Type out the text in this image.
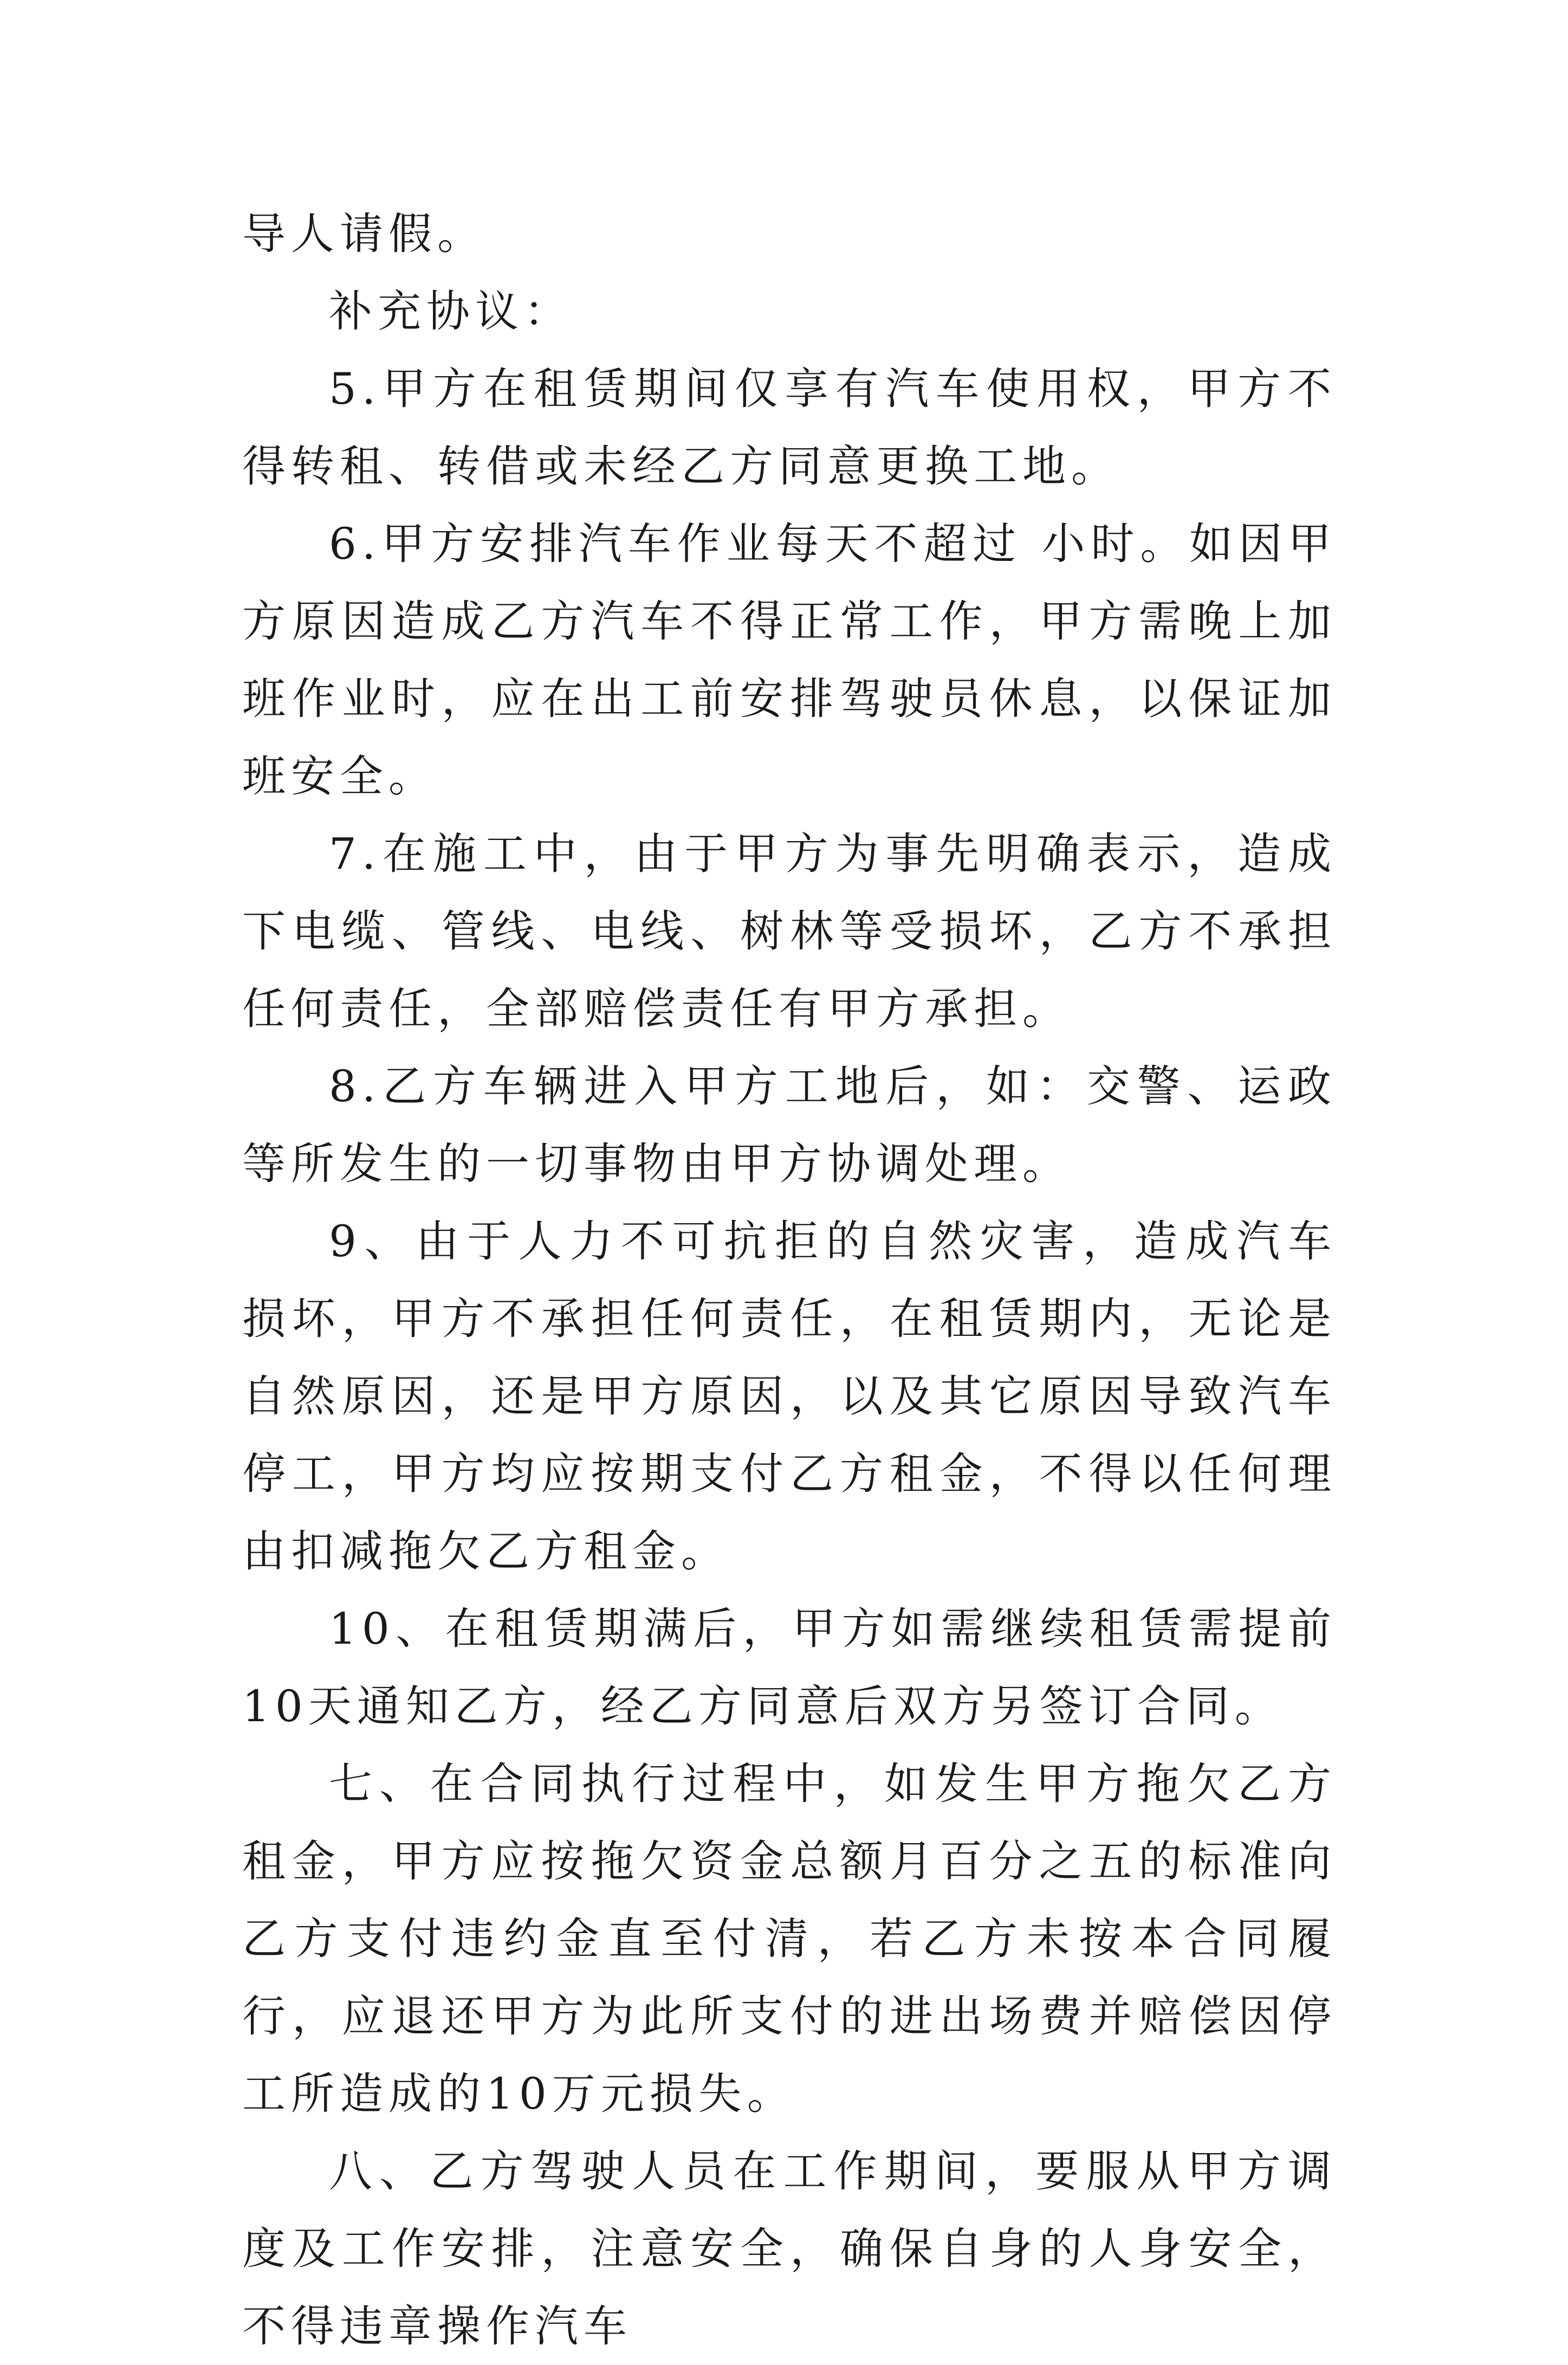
导人请假。

补充协议：

5.甲方在租赁期间仅享有汽车使用权，甲方不得转租、转借或未经乙方同意更换工地。

6.甲方安排汽车作业每天不超过 小时。如因甲方原因造成乙方汽车不得正常工作，甲方需晚上加班作业时，应在出工前安排驾驶员休息，以保证加班安全。

7.在施工中，由于甲方为事先明确表示，造成下电缆、管线、电线、树林等受损坏，乙方不承担任何责任，全部赔偿责任有甲方承担。

8.乙方车辆进入甲方工地后，如：交警、运政等所发生的一切事物由甲方协调处理。

9、由于人力不可抗拒的自然灾害，造成汽车损坏，甲方不承担任何责任，在租赁期内，无论是自然原因，还是甲方原因，以及其它原因导致汽车停工，甲方均应按期支付乙方租金，不得以任何理由扣减拖欠乙方租金。

10、在租赁期满后，甲方如需继续租赁需提前10天通知乙方，经乙方同意后双方另签订合同。

七、在合同执行过程中，如发生甲方拖欠乙方租金，甲方应按拖欠资金总额月百分之五的标准向乙方支付违约金直至付清，若乙方未按本合同履行，应退还甲方为此所支付的进出场费并赔偿因停工所造成的10万元损失。

八、乙方驾驶人员在工作期间，要服从甲方调度及工作安排，注意安全，确保自身的人身安全，不得违章操作汽车
